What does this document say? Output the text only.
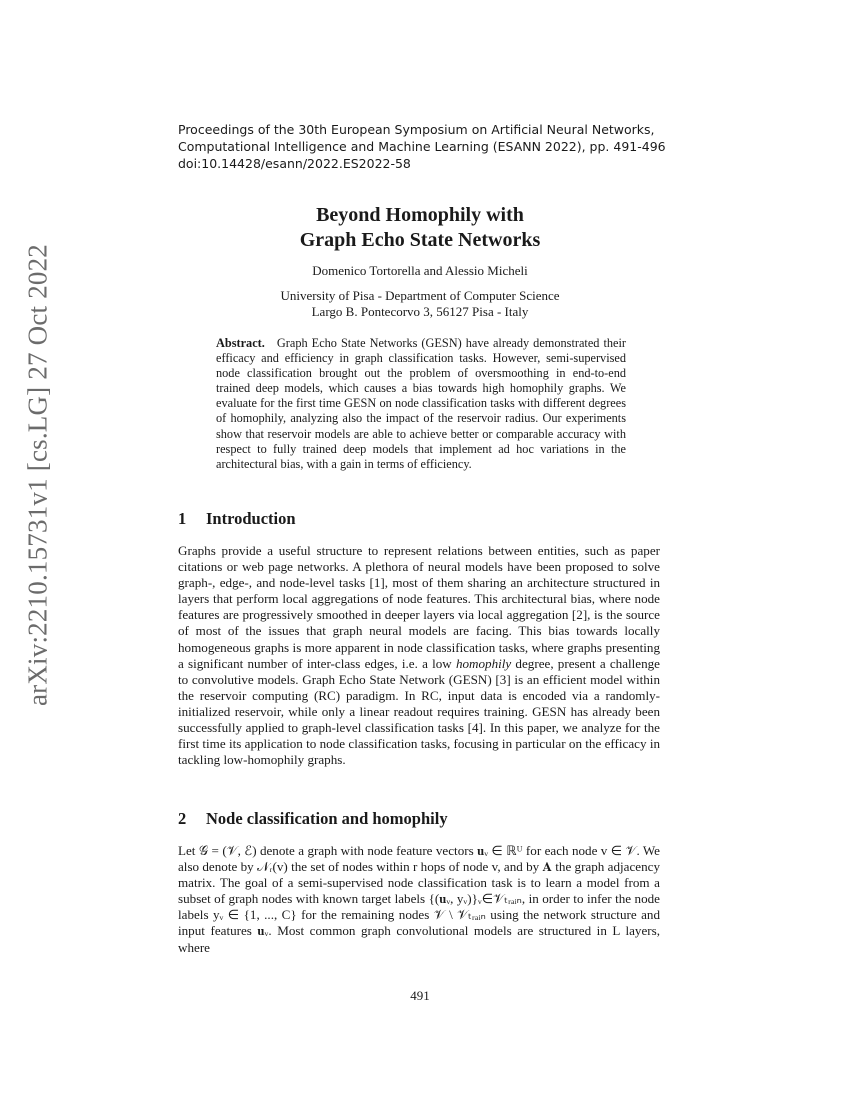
arXiv:2210.15731v1 [cs.LG] 27 Oct 2022
Proceedings of the 30th European Symposium on Artificial Neural Networks,
Computational Intelligence and Machine Learning (ESANN 2022), pp. 491-496
doi:10.14428/esann/2022.ES2022-58
Beyond Homophily with
Graph Echo State Networks
Domenico Tortorella and Alessio Micheli
University of Pisa - Department of Computer Science
Largo B. Pontecorvo 3, 56127 Pisa - Italy
Abstract. Graph Echo State Networks (GESN) have already demonstrated their efficacy and efficiency in graph classification tasks. However, semi-supervised node classification brought out the problem of oversmoothing in end-to-end trained deep models, which causes a bias towards high homophily graphs. We evaluate for the first time GESN on node classification tasks with different degrees of homophily, analyzing also the impact of the reservoir radius. Our experiments show that reservoir models are able to achieve better or comparable accuracy with respect to fully trained deep models that implement ad hoc variations in the architectural bias, with a gain in terms of efficiency.
1 Introduction

Graphs provide a useful structure to represent relations between entities, such as paper citations or web page networks. A plethora of neural models have been proposed to solve graph-, edge-, and node-level tasks [1], most of them sharing an architecture structured in layers that perform local aggregations of node features. This architectural bias, where node features are progressively smoothed in deeper layers via local aggregation [2], is the source of most of the issues that graph neural models are facing. This bias towards locally homogeneous graphs is more apparent in node classification tasks, where graphs presenting a significant number of inter-class edges, i.e. a low homophily degree, present a challenge to convolutive models. Graph Echo State Network (GESN) [3] is an efficient model within the reservoir computing (RC) paradigm. In RC, input data is encoded via a randomly-initialized reservoir, while only a linear readout requires training. GESN has already been successfully applied to graph-level classification tasks [4]. In this paper, we analyze for the first time its application to node classification tasks, focusing in particular on the efficacy in tackling low-homophily graphs.

2 Node classification and homophily

Let 𝒢 = (𝒱, ℰ) denote a graph with node feature vectors 𝐮ᵥ ∈ ℝᵁ for each node v ∈ 𝒱. We also denote by 𝒩ᵣ(v) the set of nodes within r hops of node v, and by 𝐀 the graph adjacency matrix. The goal of a semi-supervised node classification task is to learn a model from a subset of graph nodes with known target labels {(𝐮ᵥ, yᵥ)}ᵥ∈𝒱ₜᵣₐᵢₙ, in order to infer the node labels yᵥ ∈ {1, ..., C} for the remaining nodes 𝒱 \ 𝒱ₜᵣₐᵢₙ using the network structure and input features 𝐮ᵥ. Most common graph convolutional models are structured in L layers, where

491
